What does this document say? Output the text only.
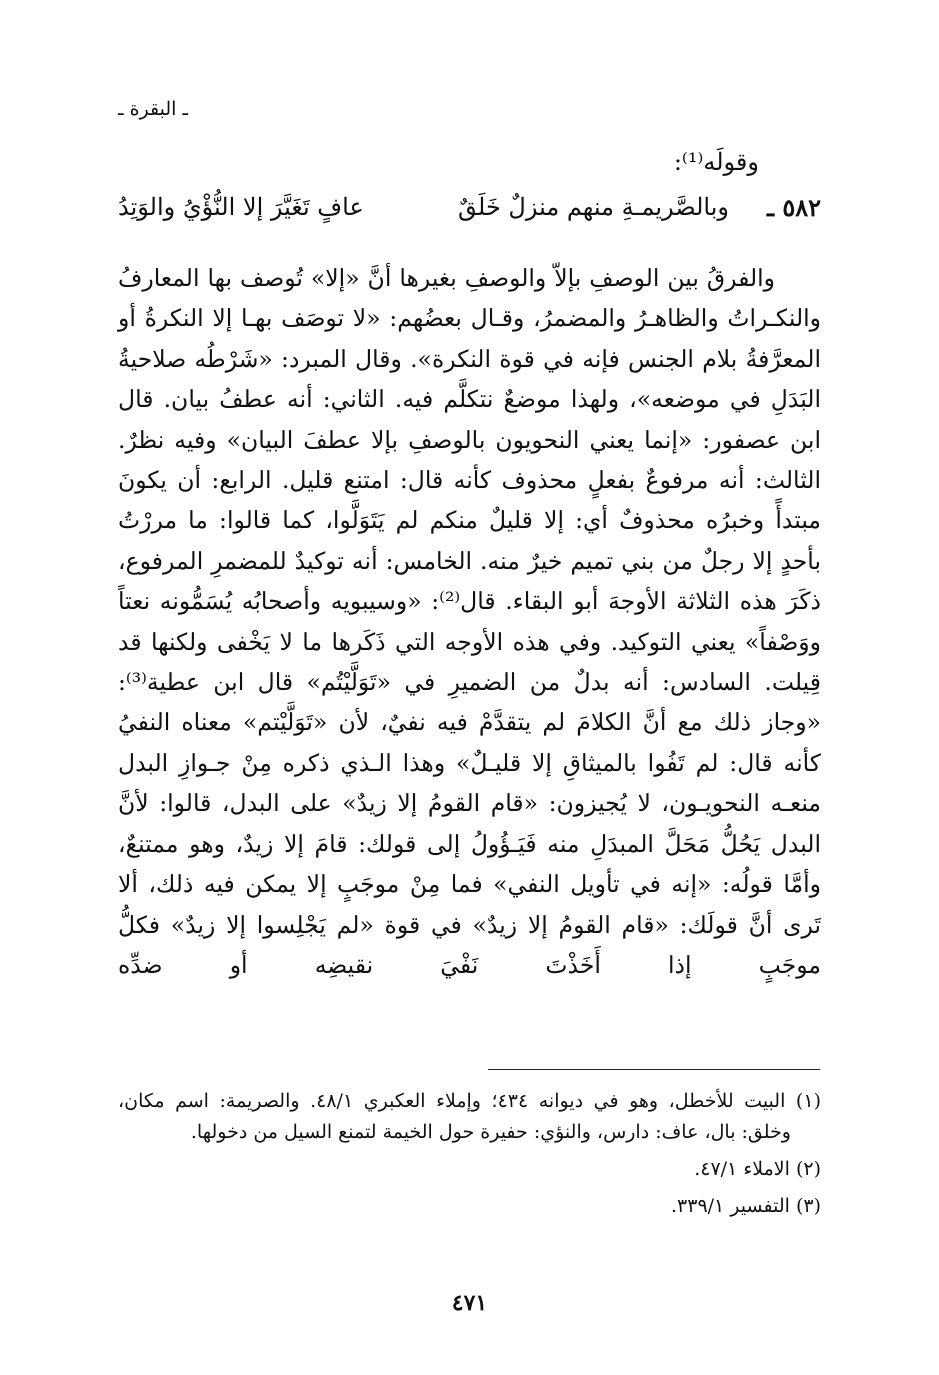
ـ البقرة ـ
وقولَه⁽¹⁾:
٥٨٢ ـ
وبالصَّريمـةِ منهم منزلٌ خَلَقٌ
عافٍ تَغَيَّرَ إلا النُّؤْيُ والوَتِدُ

والفرقُ بين الوصفِ بإلاّ والوصفِ بغيرها أنَّ «إلا» تُوصف بها المعارفُ والنكـراتُ والظاهـرُ والمضمرُ، وقـال بعضُهم: «لا توصَف بهـا إلا النكرةُ أو المعرَّفةُ بلام الجنس فإنه في قوة النكرة». وقال المبرد: «شَرْطُه صلاحيةُ البَدَلِ في موضعه»، ولهذا موضعٌ نتكلَّم فيه. الثاني: أنه عطفُ بيان. قال ابن عصفور: «إنما يعني النحويون بالوصفِ بإلا عطفَ البيان» وفيه نظرٌ. الثالث: أنه مرفوعٌ بفعلٍ محذوف كأنه قال: امتنع قليل. الرابع: أن يكونَ مبتدأً وخبرُه محذوفٌ أي: إلا قليلٌ منكم لم يَتَوَلَّوا، كما قالوا: ما مررْتُ بأحدٍ إلا رجلٌ من بني تميم خيرٌ منه. الخامس: أنه توكيدٌ للمضمرِ المرفوع، ذكَرَ هذه الثلاثة الأوجهَ أبو البقاء. قال⁽²⁾: «وسيبويه وأصحابُه يُسَمُّونه نعتاً ووَصْفاً» يعني التوكيد. وفي هذه الأوجه التي ذَكَرها ما لا يَخْفى ولكنها قد قِيلت. السادس: أنه بدلٌ من الضميرِ في «تَوَلَّيْتُم» قال ابن عطية⁽³⁾: «وجاز ذلك مع أنَّ الكلامَ لم يتقدَّمْ فيه نفيٌ، لأن «تَوَلَّيْتم» معناه النفيُ كأنه قال: لم تَفُوا بالميثاقِ إلا قليـلٌ» وهذا الـذي ذكره مِنْ جـوازِ البدل منعـه النحويـون، لا يُجيزون: «قام القومُ إلا زيدٌ» على البدل، قالوا: لأنَّ البدل يَحُلُّ مَحَلَّ المبدَلِ منه فَيَـؤُولُ إلى قولك: قامَ إلا زيدٌ، وهو ممتنعٌ، وأمَّا قولُه: «إنه في تأويل النفي» فما مِنْ موجَبٍ إلا يمكن فيه ذلك، ألا تَرى أنَّ قولَك: «قام القومُ إلا زيدٌ» في قوة «لم يَجْلِسوا إلا زيدٌ» فكلُّ موجَبٍ إذا أَخَذْتَ نَفْيَ نقيضِه أو ضدِّه

(١) البيت للأخطل، وهو في ديوانه ٤٣٤؛ وإملاء العكبري ٤٨/١. والصريمة: اسم مكان، وخلق: بال، عاف: دارس، والنؤي: حفيرة حول الخيمة لتمنع السيل من دخولها.
(٢) الاملاء ٤٧/١.
(٣) التفسير ٣٣٩/١.
٤٧١
